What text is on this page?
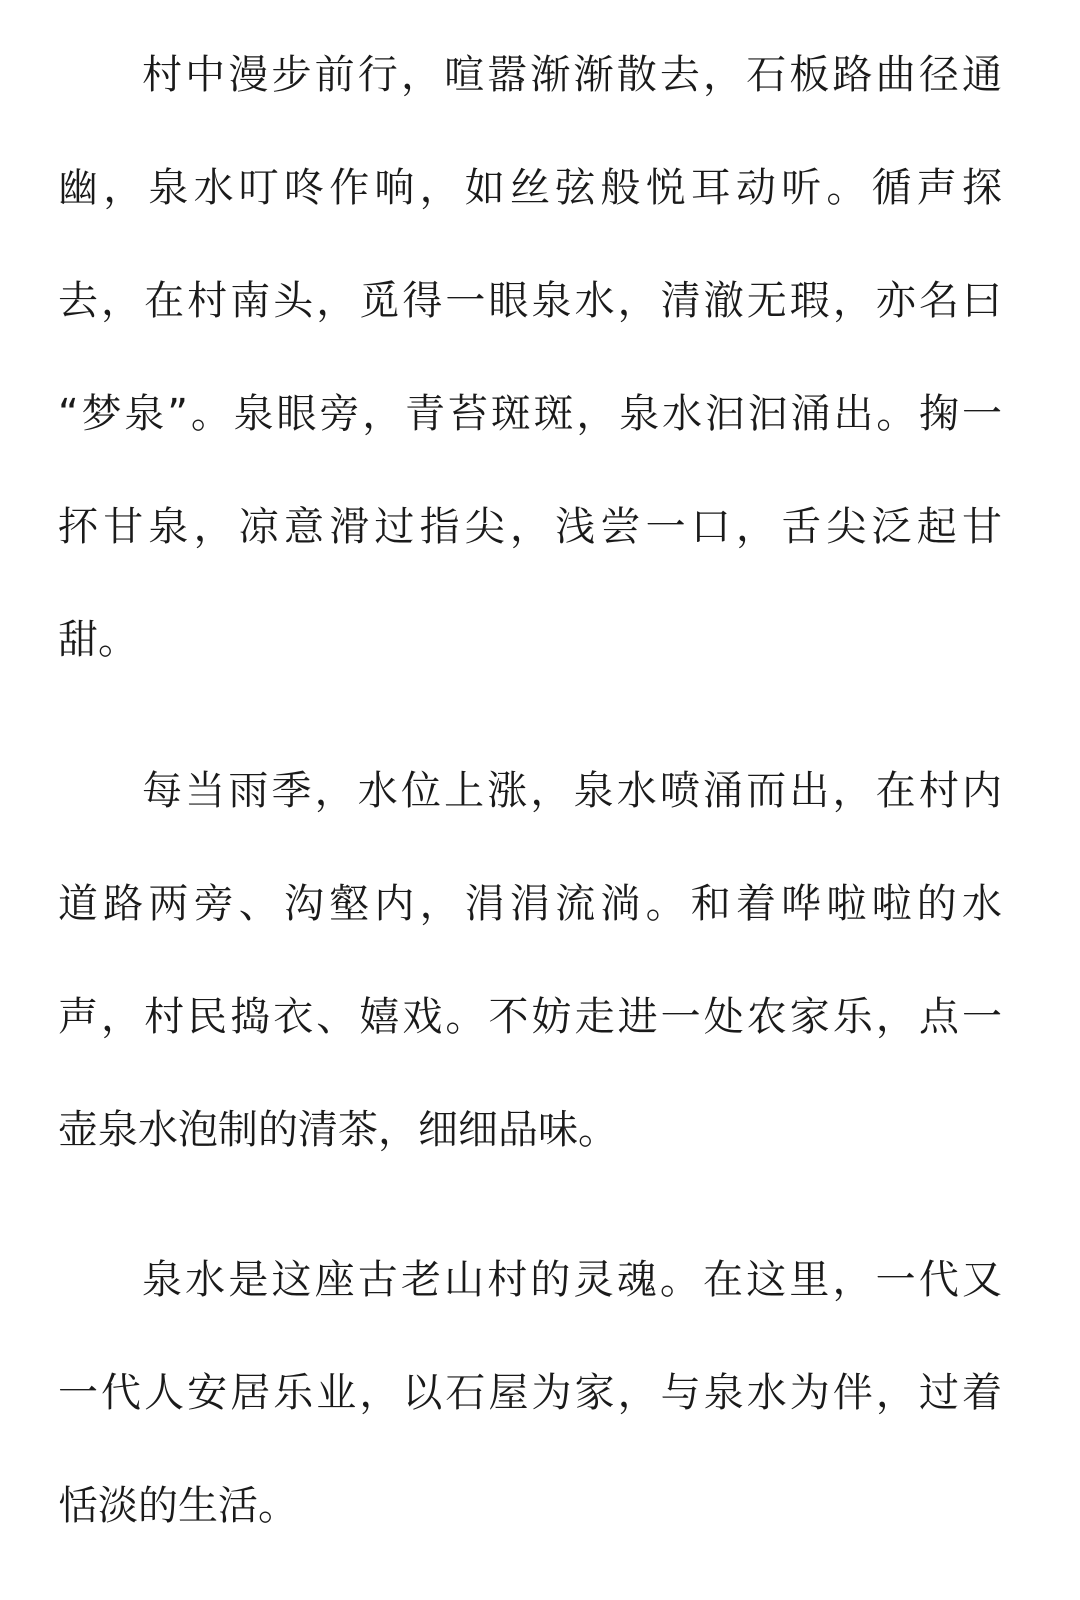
村中漫步前行，喧嚣渐渐散去，石板路曲径通
幽，泉水叮咚作响，如丝弦般悦耳动听。循声探
去，在村南头，觅得一眼泉水，清澈无瑕，亦名曰
“梦泉”。泉眼旁，青苔斑斑，泉水汩汩涌出。掬一
抔甘泉，凉意滑过指尖，浅尝一口，舌尖泛起甘
甜。
每当雨季，水位上涨，泉水喷涌而出，在村内
道路两旁、沟壑内，涓涓流淌。和着哗啦啦的水
声，村民捣衣、嬉戏。不妨走进一处农家乐，点一
壶泉水泡制的清茶，细细品味。
泉水是这座古老山村的灵魂。在这里，一代又
一代人安居乐业，以石屋为家，与泉水为伴，过着
恬淡的生活。
